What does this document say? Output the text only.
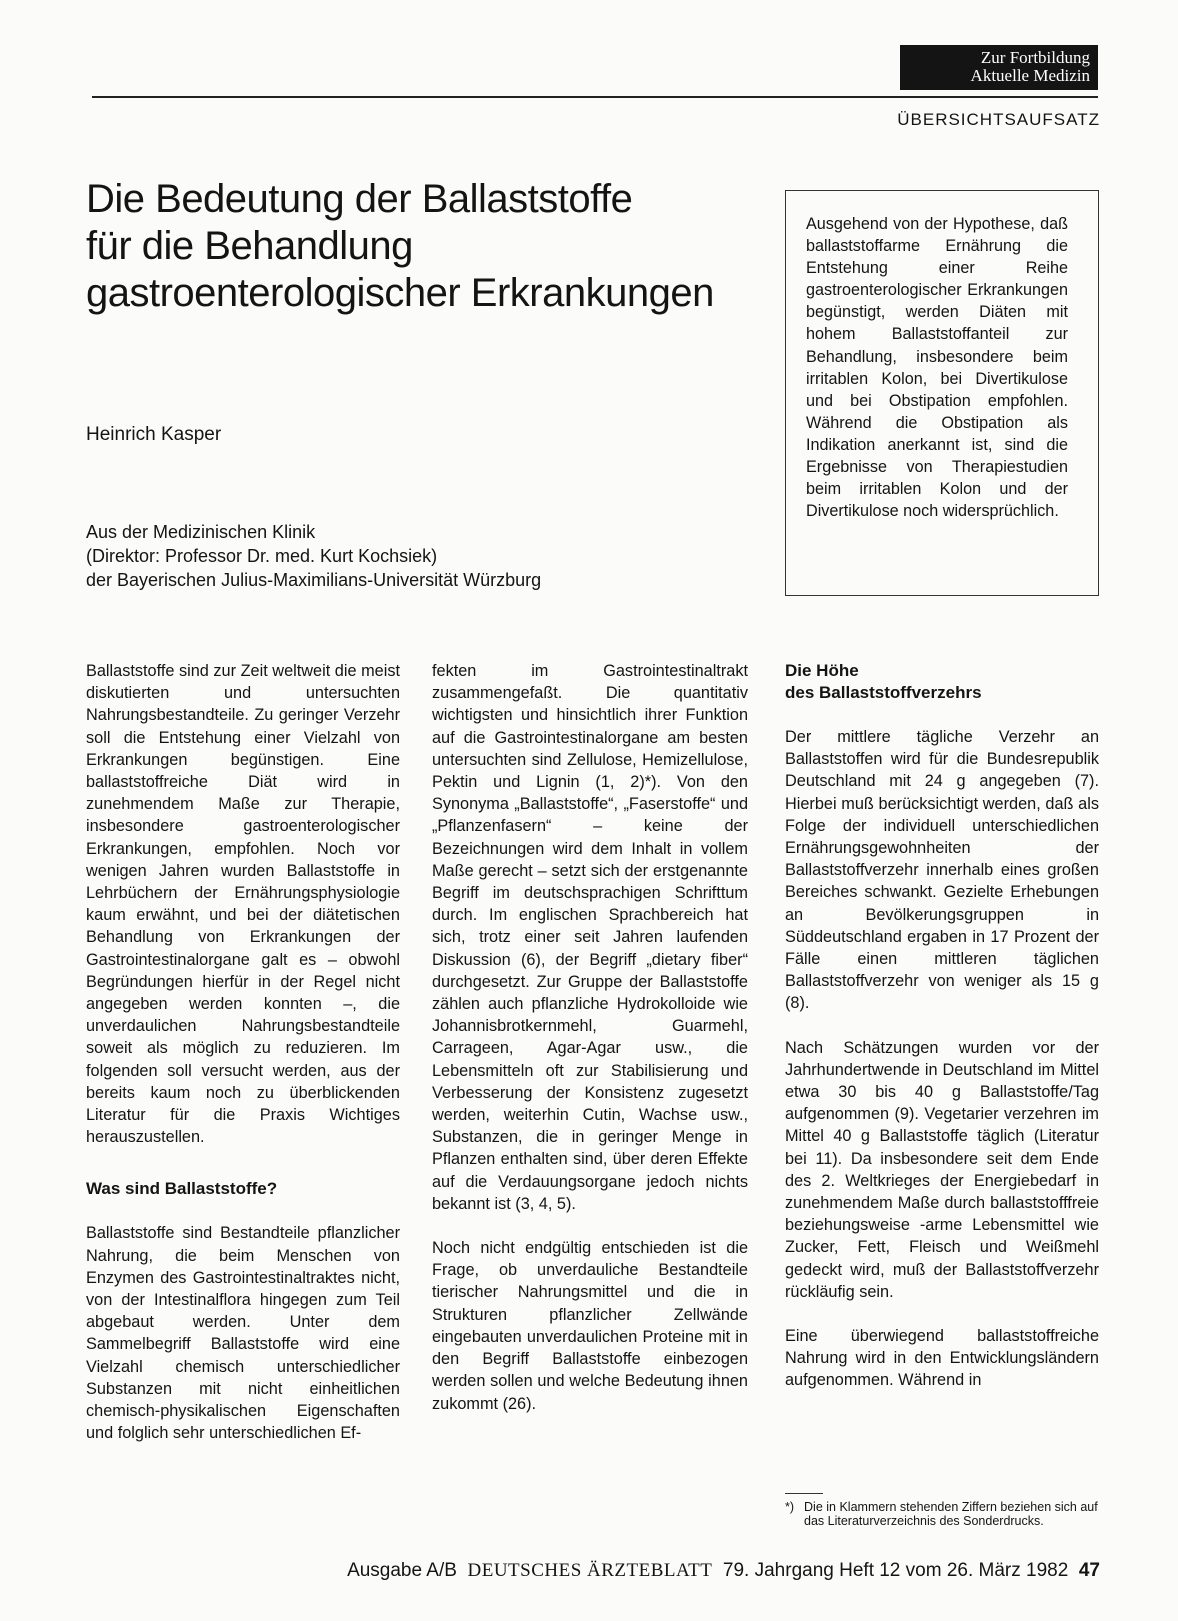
Zur Fortbildung
Aktuelle Medizin
ÜBERSICHTSAUFSATZ
Die Bedeutung der Ballaststoffe
für die Behandlung
gastroenterologischer Erkrankungen
Heinrich Kasper
Aus der Medizinischen Klinik
(Direktor: Professor Dr. med. Kurt Kochsiek)
der Bayerischen Julius-Maximilians-Universität Würzburg
Ausgehend von der Hypothese, daß ballaststoffarme Ernährung die Entstehung einer Reihe gastroenterologischer Erkrankungen begünstigt, werden Diäten mit hohem Ballaststoffanteil zur Behandlung, insbesondere beim irritablen Kolon, bei Divertikulose und bei Obstipation empfohlen. Während die Obstipation als Indikation anerkannt ist, sind die Ergebnisse von Therapiestudien beim irritablen Kolon und der Divertikulose noch widersprüchlich.

Ballaststoffe sind zur Zeit weltweit die meist diskutierten und untersuchten Nahrungsbestandteile. Zu geringer Verzehr soll die Entstehung einer Vielzahl von Erkrankungen begünstigen. Eine ballaststoffreiche Diät wird in zunehmendem Maße zur Therapie, insbesondere gastroenterologischer Erkrankungen, empfohlen. Noch vor wenigen Jahren wurden Ballaststoffe in Lehrbüchern der Ernährungsphysiologie kaum erwähnt, und bei der diätetischen Behandlung von Erkrankungen der Gastrointestinalorgane galt es – obwohl Begründungen hierfür in der Regel nicht angegeben werden konnten –, die unverdaulichen Nahrungsbestandteile soweit als möglich zu reduzieren. Im folgenden soll versucht werden, aus der bereits kaum noch zu überblickenden Literatur für die Praxis Wichtiges herauszustellen.

Was sind Ballaststoffe?

Ballaststoffe sind Bestandteile pflanzlicher Nahrung, die beim Menschen von Enzymen des Gastrointestinaltraktes nicht, von der Intestinalflora hingegen zum Teil abgebaut werden. Unter dem Sammelbegriff Ballaststoffe wird eine Vielzahl chemisch unterschiedlicher Substanzen mit nicht einheitlichen chemisch-physikalischen Eigenschaften und folglich sehr unterschiedlichen Ef-

fekten im Gastrointestinaltrakt zusammengefaßt. Die quantitativ wichtigsten und hinsichtlich ihrer Funktion auf die Gastrointestinalorgane am besten untersuchten sind Zellulose, Hemizellulose, Pektin und Lignin (1, 2)*). Von den Synonyma „Ballaststoffe“, „Faserstoffe“ und „Pflanzenfasern“ – keine der Bezeichnungen wird dem Inhalt in vollem Maße gerecht – setzt sich der erstgenannte Begriff im deutschsprachigen Schrifttum durch. Im englischen Sprachbereich hat sich, trotz einer seit Jahren laufenden Diskussion (6), der Begriff „dietary fiber“ durchgesetzt. Zur Gruppe der Ballaststoffe zählen auch pflanzliche Hydrokolloide wie Johannisbrotkernmehl, Guarmehl, Carrageen, Agar-Agar usw., die Lebensmitteln oft zur Stabilisierung und Verbesserung der Konsistenz zugesetzt werden, weiterhin Cutin, Wachse usw., Substanzen, die in geringer Menge in Pflanzen enthalten sind, über deren Effekte auf die Verdauungsorgane jedoch nichts bekannt ist (3, 4, 5).

Noch nicht endgültig entschieden ist die Frage, ob unverdauliche Bestandteile tierischer Nahrungsmittel und die in Strukturen pflanzlicher Zellwände eingebauten unverdaulichen Proteine mit in den Begriff Ballaststoffe einbezogen werden sollen und welche Bedeutung ihnen zukommt (26).

Die Höhe
des Ballaststoffverzehrs

Der mittlere tägliche Verzehr an Ballaststoffen wird für die Bundesrepublik Deutschland mit 24 g angegeben (7). Hierbei muß berücksichtigt werden, daß als Folge der individuell unterschiedlichen Ernährungsgewohnheiten der Ballaststoffverzehr innerhalb eines großen Bereiches schwankt. Gezielte Erhebungen an Bevölkerungsgruppen in Süddeutschland ergaben in 17 Prozent der Fälle einen mittleren täglichen Ballaststoffverzehr von weniger als 15 g (8).

Nach Schätzungen wurden vor der Jahrhundertwende in Deutschland im Mittel etwa 30 bis 40 g Ballaststoffe/Tag aufgenommen (9). Vegetarier verzehren im Mittel 40 g Ballaststoffe täglich (Literatur bei 11). Da insbesondere seit dem Ende des 2. Weltkrieges der Energiebedarf in zunehmendem Maße durch ballaststofffreie beziehungsweise -arme Lebensmittel wie Zucker, Fett, Fleisch und Weißmehl gedeckt wird, muß der Ballaststoffverzehr rückläufig sein.

Eine überwiegend ballaststoffreiche Nahrung wird in den Entwicklungsländern aufgenommen. Während in

*) Die in Klammern stehenden Ziffern beziehen sich auf das Literaturverzeichnis des Sonderdrucks.
Ausgabe A/B DEUTSCHES ÄRZTEBLATT 79. Jahrgang Heft 12 vom 26. März 1982 47
